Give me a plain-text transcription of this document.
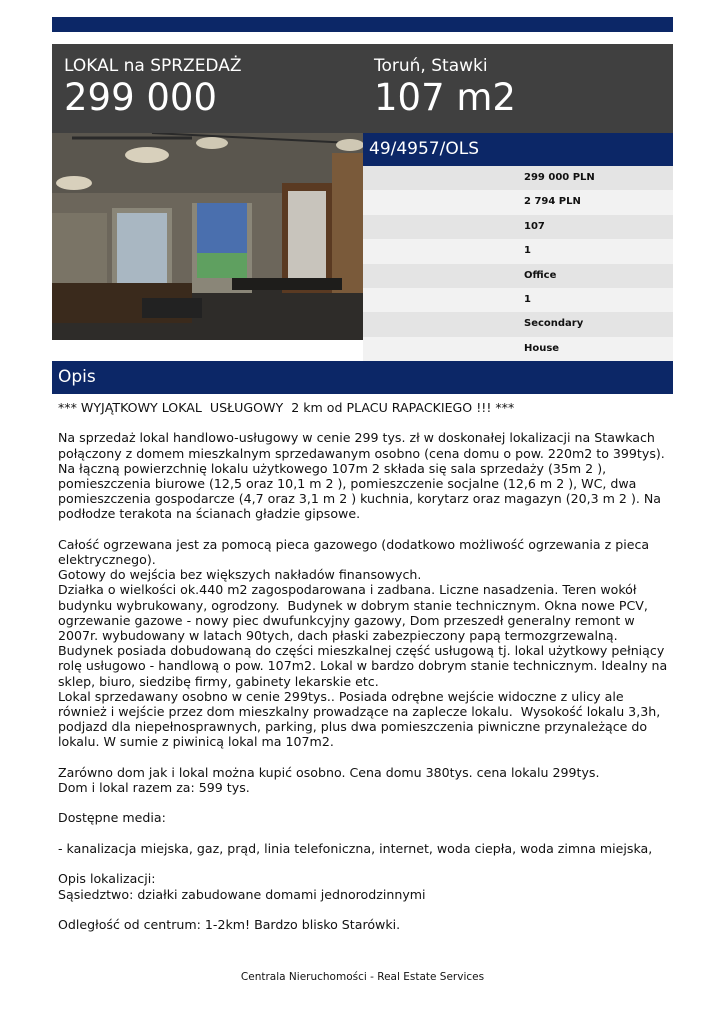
LOKAL na SPRZEDAŻ
299 000
Toruń, Stawki
107 m2
49/4957/OLS
299 000 PLN
2 794 PLN
107
1
Office
1
Secondary
House
Opis
*** WYJĄTKOWY LOKAL  USŁUGOWY  2 km od PLACU RAPACKIEGO !!! ***

Na sprzedaż lokal handlowo-usługowy w cenie 299 tys. zł w doskonałej lokalizacji na Stawkach połączony z domem mieszkalnym sprzedawanym osobno (cena domu o pow. 220m2 to 399tys). Na łączną powierzchnię lokalu użytkowego 107m 2 składa się sala sprzedaży (35m 2 ), pomieszczenia biurowe (12,5 oraz 10,1 m 2 ), pomieszczenie socjalne (12,6 m 2 ), WC, dwa pomieszczenia gospodarcze (4,7 oraz 3,1 m 2 ) kuchnia, korytarz oraz magazyn (20,3 m 2 ). Na podłodze terakota na ścianach gładzie gipsowe.

Całość ogrzewana jest za pomocą pieca gazowego (dodatkowo możliwość ogrzewania z pieca elektrycznego).
Gotowy do wejścia bez większych nakładów finansowych.
Działka o wielkości ok.440 m2 zagospodarowana i zadbana. Liczne nasadzenia. Teren wokół budynku wybrukowany, ogrodzony.  Budynek w dobrym stanie technicznym. Okna nowe PCV, ogrzewanie gazowe - nowy piec dwufunkcyjny gazowy, Dom przeszedł generalny remont w 2007r. wybudowany w latach 90tych, dach płaski zabezpieczony papą termozgrzewalną.
Budynek posiada dobudowaną do części mieszkalnej część usługową tj. lokal użytkowy pełniący rolę usługowo - handlową o pow. 107m2. Lokal w bardzo dobrym stanie technicznym. Idealny na sklep, biuro, siedzibę firmy, gabinety lekarskie etc.
Lokal sprzedawany osobno w cenie 299tys.. Posiada odrębne wejście widoczne z ulicy ale również i wejście przez dom mieszkalny prowadzące na zaplecze lokalu.  Wysokość lokalu 3,3h, podjazd dla niepełnosprawnych, parking, plus dwa pomieszczenia piwniczne przynależące do lokalu. W sumie z piwinicą lokal ma 107m2.

Zarówno dom jak i lokal można kupić osobno. Cena domu 380tys. cena lokalu 299tys.
Dom i lokal razem za: 599 tys.

Dostępne media:

- kanalizacja miejska, gaz, prąd, linia telefoniczna, internet, woda ciepła, woda zimna miejska,

Opis lokalizacji:
Sąsiedztwo: działki zabudowane domami jednorodzinnymi

Odległość od centrum: 1-2km! Bardzo blisko Starówki.
Centrala Nieruchomości - Real Estate Services
